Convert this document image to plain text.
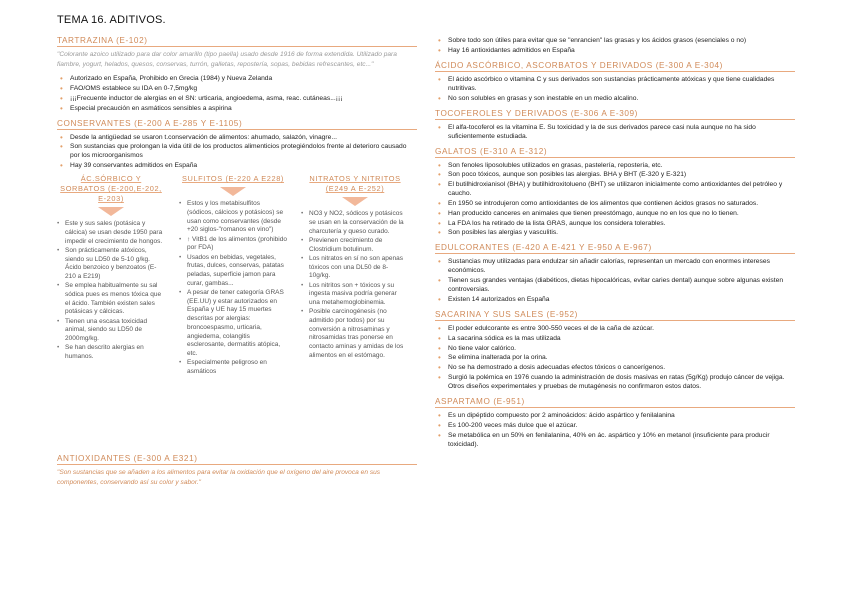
TEMA 16. ADITIVOS.
TARTRAZINA (E-102)
"Colorante azoico utilizado para dar color amarillo (tipo paella) usado desde 1916 de forma extendida. Utilizado para fiambre, yogurt, helados, quesos, conservas, turrón, galletas, repostería, sopas, bebidas refrescantes, etc..."
• Autorizado en España, Prohibido en Grecia (1984) y Nueva Zelanda
• FAO/OMS establece su IDA en 0-7,5mg/kg
• ¡¡¡Frecuente inductor de alergias en el SN: urticaria, angioedema, asma, reac. cutáneas...¡¡¡
• Especial precaución en asmáticos sensibles a aspirina
CONSERVANTES (E-200 A E-285 Y E-1105)
• Desde la antigüedad se usaron t.conservación de alimentos: ahumado, salazón, vinagre...
• Son sustancias que prolongan la vida útil de los productos alimenticios protegiéndolos frente al deterioro causado por los microorganismos
• Hay 39 conservantes admitidos en España
ÁC.SÓRBICO Y SORBATOS (E-200,E-202, E-203)
• Este y sus sales (potásica y cálcica) se usan desde 1950 para impedir el crecimiento de hongos.
• Son prácticamente atóxicos, siendo su LD50 de 5-10 g/kg. Ácido benzoico y benzoatos (E-210 a E219)
• Se emplea habitualmente su sal sódica pues es menos tóxica que el ácido. También existen sales potásicas y cálcicas.
• Tienen una escasa toxicidad animal, siendo su LD50 de 2000mg/kg.
• Se han descrito alergias en humanos.
SULFITOS (E-220 A E228)
• Estos y los metabisulfitos (sódicos, cálcicos y potásicos) se usan como conservantes (desde +20 siglos-"romanos en vino")
• ↑ VitB1 de los alimentos (prohibido por FDA)
• Usados en bebidas, vegetales, frutas, dulces, conservas, patatas peladas, superficie jamon para curar, gambas...
• A pesar de tener categoría GRAS (EE.UU) y estar autorizados en España y UE hay 15 muertes descritas por alergias: broncoespasmo, urticaria, angiedema, colangitis esclerosante, dermatitis atópica, etc.
• Especialmente peligroso en asmáticos
NITRATOS Y NITRITOS (E249 A E-252)
• NO3 y NO2, sódicos y potásicos se usan en la conservación de la charcutería y queso curado.
• Previenen crecimiento de Clostridium botulinum.
• Los nitratos en sí no son apenas tóxicos con una DL50 de 8-10g/kg.
• Los nitritos son + tóxicos y su ingesta masiva podría generar una metahemoglobinemia.
• Posible carcinogénesis (no admitido por todos) por su conversión a nitrosaminas y nitrosamidas tras ponerse en contacto aminas y amidas de los alimentos en el estómago.
ANTIOXIDANTES (E-300 A E321)
"Son sustancias que se añaden a los alimentos para evitar la oxidación que el oxígeno del aire provoca en sus componentes, conservando así su color y sabor."
• Sobre todo son útiles para evitar que se "enrancien" las grasas y los ácidos grasos (esenciales o no)
• Hay 16 antioxidantes admitidos en España
ÁCIDO ASCÓRBICO, ASCORBATOS Y DERIVADOS (E-300 A E-304)
• El ácido ascórbico o vitamina C y sus derivados son sustancias prácticamente atóxicas y que tiene cualidades nutritivas.
• No son solubles en grasas y son inestable en un medio alcalino.
TOCOFEROLES Y DERIVADOS (E-306 A E-309)
• El alfa-tocoferol es la vitamina E. Su toxicidad y la de sus derivados parece casi nula aunque no ha sido suficientemente estudiada.
GALATOS (E-310 A E-312)
• Son fenoles liposolubles utilizados en grasas, pastelería, repostería, etc.
• Son poco tóxicos, aunque son posibles las alergias. BHA y BHT (E-320 y E-321)
• El butilhidroxianisol (BHA) y butilhidroxitolueno (BHT) se utilizaron inicialmente como antioxidantes del petróleo y caucho.
• En 1950 se introdujeron como antioxidantes de los alimentos que contienen ácidos grasos no saturados.
• Han producido canceres en animales que tienen preestómago, aunque no en los que no lo tienen.
• La FDA los ha retirado de la lista GRAS, aunque los considera tolerables.
• Son posibles las alergias y vasculitis.
EDULCORANTES (E-420 A E-421 Y E-950 A E-967)
• Sustancias muy utilizadas para endulzar sin añadir calorías, representan un mercado con enormes intereses económicos.
• Tienen sus grandes ventajas (diabéticos, dietas hipocalóricas, evitar caries dental) aunque sobre algunas existen controversias.
• Existen 14 autorizados en España
SACARINA Y SUS SALES (E-952)
• El poder edulcorante es entre 300-550 veces el de la caña de azúcar.
• La sacarina sódica es la mas utilizada
• No tiene valor calórico.
• Se elimina inalterada por la orina.
• No se ha demostrado a dosis adecuadas efectos tóxicos o cancerígenos.
• Surgió la polémica en 1976 cuando la administración de dosis masivas en ratas (5g/Kg) produjo cáncer de vejiga. Otros diseños experimentales y pruebas de mutagénesis no confirmaron estos datos.
ASPARTAMO (E-951)
• Es un dipéptido compuesto por 2 aminoácidos: ácido aspártico y fenilalanina
• Es 100-200 veces más dulce que el azúcar.
• Se metabólica en un 50% en fenilalanina, 40% en ác. aspártico y 10% en metanol (insuficiente para producir toxicidad).
